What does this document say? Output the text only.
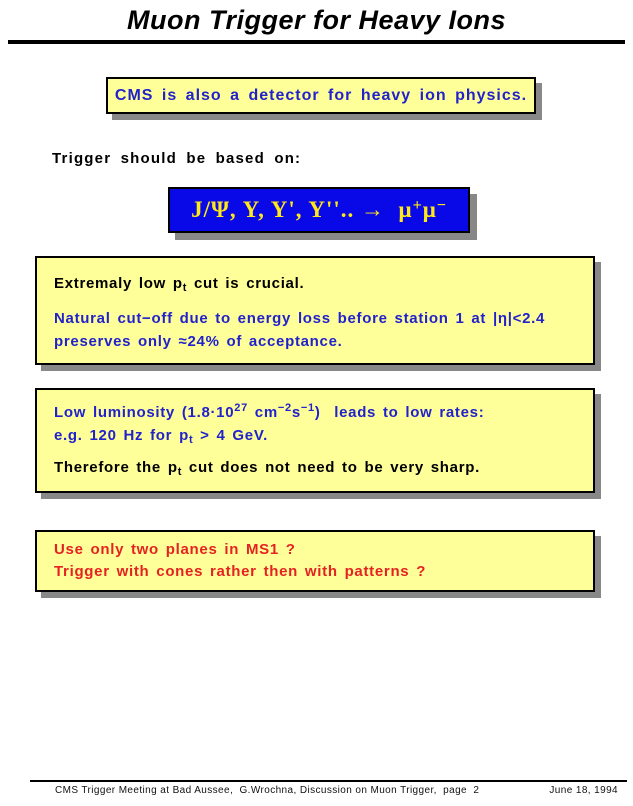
Muon Trigger for Heavy Ions
CMS is also a detector for heavy ion physics.
Trigger should be based on:
J/Ψ, Υ, Υ', Υ''.. →  μ+μ−
Extremaly low $p_t$ cut is crucial.
Natural cut−off due to energy loss before station 1 at |η|<2.4
preserves only ≈24% of acceptance.
Low luminosity ($1.8\cdot 10^{27}$ $cm^{-2}s^{-1}$)  leads to low rates:
e.g. 120 Hz for $p_t > 4$ GeV.
Therefore the $p_t$ cut does not need to be very sharp.
Use only two planes in MS1 ?
Trigger with cones rather then with patterns ?
CMS Trigger Meeting at Bad Aussee,  G.Wrochna, Discussion on Muon Trigger,  page  2	June 18, 1994
